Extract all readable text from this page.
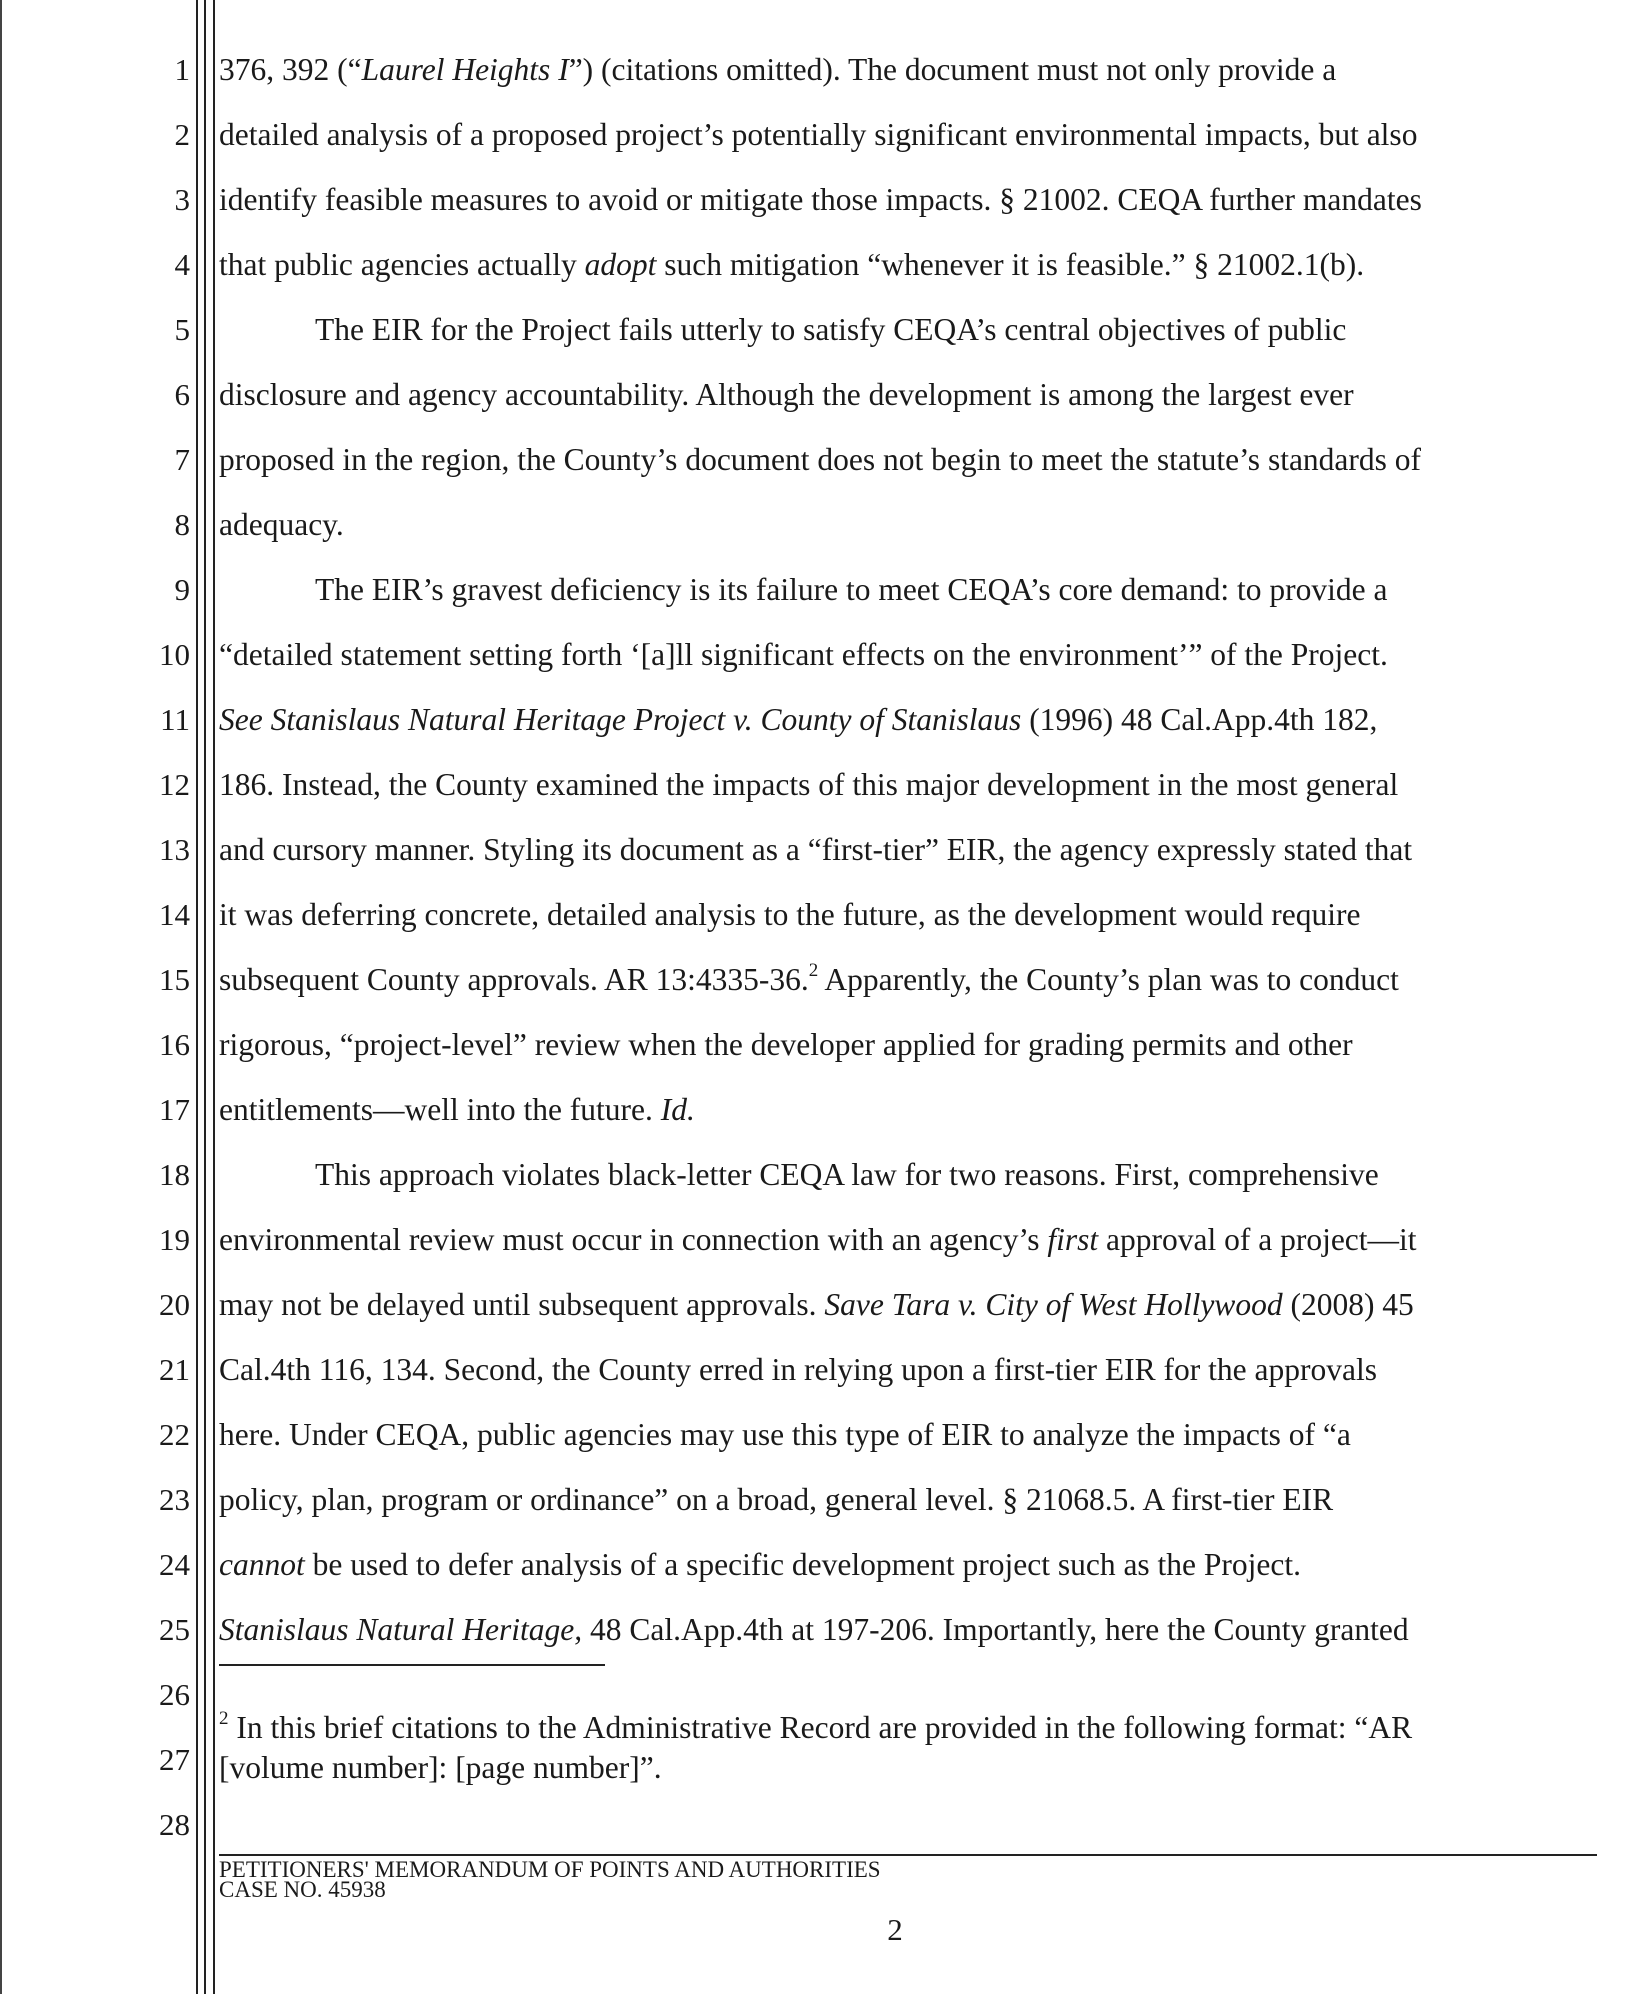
1
2
3
4
5
6
7
8
9
10
11
12
13
14
15
16
17
18
19
20
21
22
23
24
25
26
27
28
376, 392 (“Laurel Heights I”) (citations omitted). The document must not only provide a
detailed analysis of a proposed project’s potentially significant environmental impacts, but also
identify feasible measures to avoid or mitigate those impacts. § 21002. CEQA further mandates
that public agencies actually adopt such mitigation “whenever it is feasible.” § 21002.1(b).
The EIR for the Project fails utterly to satisfy CEQA’s central objectives of public
disclosure and agency accountability. Although the development is among the largest ever
proposed in the region, the County’s document does not begin to meet the statute’s standards of
adequacy.
The EIR’s gravest deficiency is its failure to meet CEQA’s core demand: to provide a
“detailed statement setting forth ‘[a]ll significant effects on the environment’” of the Project.
See Stanislaus Natural Heritage Project v. County of Stanislaus (1996) 48 Cal.App.4th 182,
186. Instead, the County examined the impacts of this major development in the most general
and cursory manner. Styling its document as a “first-tier” EIR, the agency expressly stated that
it was deferring concrete, detailed analysis to the future, as the development would require
subsequent County approvals. AR 13:4335-36.$^2$ Apparently, the County’s plan was to conduct
rigorous, “project-level” review when the developer applied for grading permits and other
entitlements—well into the future. Id.
This approach violates black-letter CEQA law for two reasons. First, comprehensive
environmental review must occur in connection with an agency’s first approval of a project—it
may not be delayed until subsequent approvals. Save Tara v. City of West Hollywood (2008) 45
Cal.4th 116, 134. Second, the County erred in relying upon a first-tier EIR for the approvals
here. Under CEQA, public agencies may use this type of EIR to analyze the impacts of “a
policy, plan, program or ordinance” on a broad, general level. § 21068.5. A first-tier EIR
cannot be used to defer analysis of a specific development project such as the Project.
Stanislaus Natural Heritage, 48 Cal.App.4th at 197-206. Importantly, here the County granted
$^2$ In this brief citations to the Administrative Record are provided in the following format: “AR
[volume number]: [page number]”.
PETITIONERS' MEMORANDUM OF POINTS AND AUTHORITIES
CASE NO. 45938
2
